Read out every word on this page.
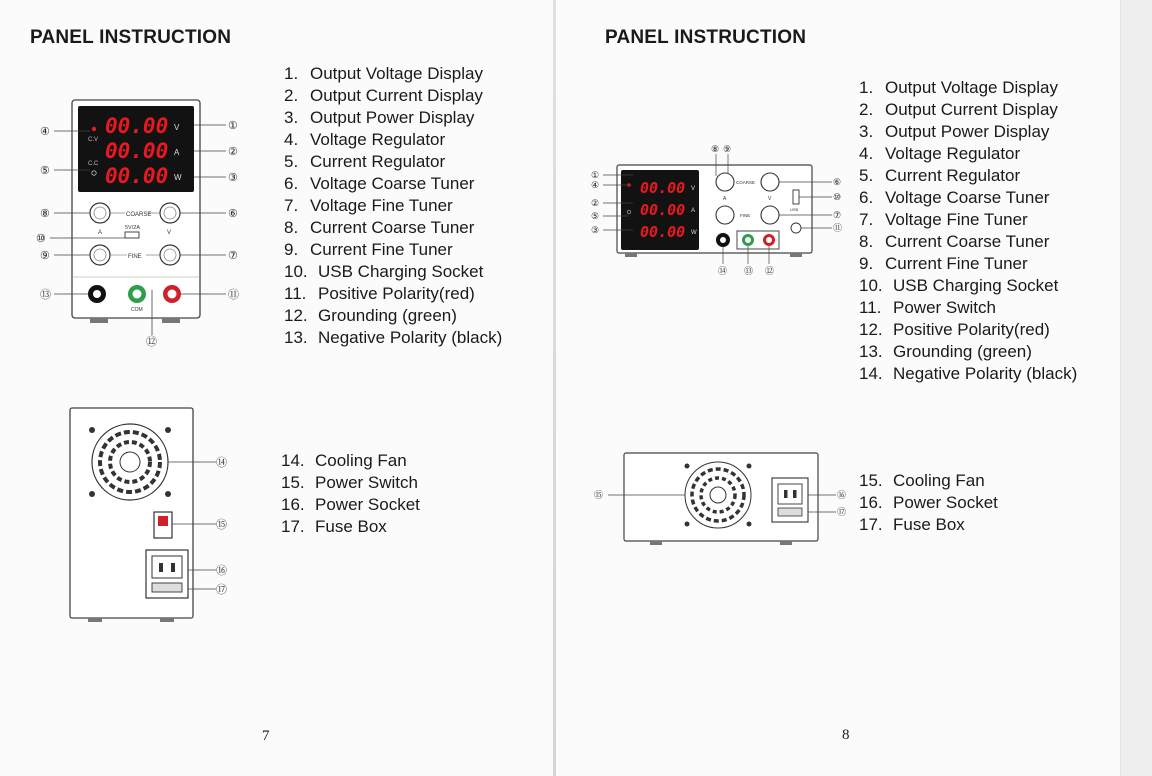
PANEL INSTRUCTION
00.00
00.00
00.00
V
A
W
C.V
C.C
COARSE
5V/2A
A	V
FINE
COM
①
②
③
④
⑤
⑥
⑦
⑧
⑨
⑩
⑪
⑫
⑬
1. Output Voltage Display
2. Output Current Display
3. Output Power Display
4. Voltage Regulator
5. Current Regulator
6. Voltage Coarse Tuner
7. Voltage Fine Tuner
8. Current Coarse Tuner
9. Current Fine Tuner
10. USB Charging Socket
11. Positive Polarity(red)
12. Grounding (green)
13. Negative Polarity (black)
⑭
⑮
⑯
⑰
14. Cooling Fan
15. Power Switch
16. Power Socket
17. Fuse Box
7
PANEL INSTRUCTION
00.00
00.00
00.00
V
A
W
COARSE
A	V
FINE
USB
①
②
③
④
⑤
⑥
⑦
⑧ ⑨
⑩
⑪
⑫
⑬
⑭
1. Output Voltage Display
2. Output Current Display
3. Output Power Display
4. Voltage Regulator
5. Current Regulator
6. Voltage Coarse Tuner
7. Voltage Fine Tuner
8. Current Coarse Tuner
9. Current Fine Tuner
10. USB Charging Socket
11. Power Switch
12. Positive Polarity(red)
13. Grounding (green)
14. Negative Polarity (black)
⑮	⑯
⑰
15. Cooling Fan
16. Power Socket
17. Fuse Box
8
